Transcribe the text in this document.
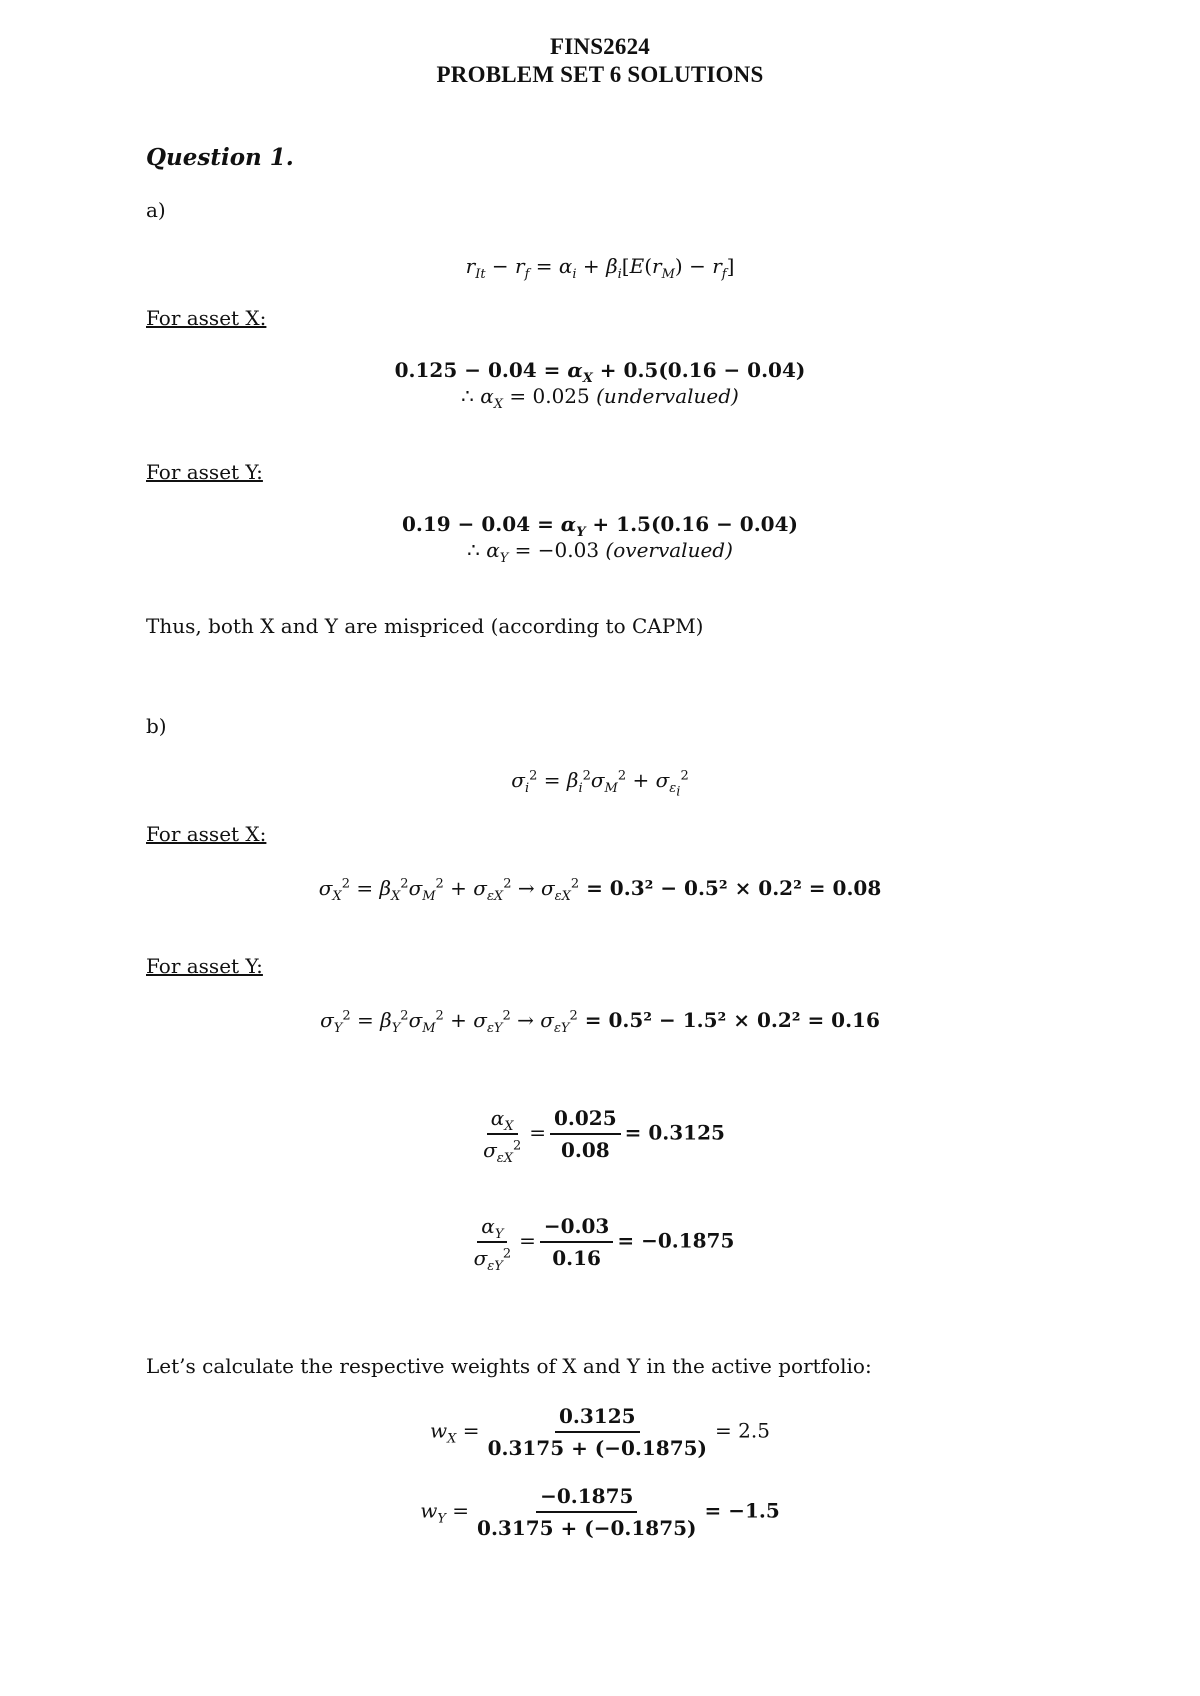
FINS2624
PROBLEM SET 6 SOLUTIONS
Question 1.
a)
$r_{It} - r_f = \alpha_i + \beta_i[E(r_M) - r_f]$
For asset X:
$0.125 - 0.04 = \alpha_X + 0.5(0.16 - 0.04)$
∴ $\alpha_X = 0.025$ (undervalued)
For asset Y:
$0.19 - 0.04 = \alpha_Y + 1.5(0.16 - 0.04)$
∴ $\alpha_Y = -0.03$ (overvalued)
Thus, both X and Y are mispriced (according to CAPM)
b)
$\sigma_i^2 = \beta_i^2\sigma_M^2 + \sigma_{\varepsilon_i}^2$
For asset X:
$\sigma_X^2 = \beta_X^2\sigma_M^2 + \sigma_{\varepsilon X}^2 \to \sigma_{\varepsilon X}^2 = 0.3^2 - 0.5^2 \times 0.2^2 = 0.08$
For asset Y:
$\sigma_Y^2 = \beta_Y^2\sigma_M^2 + \sigma_{\varepsilon Y}^2 \to \sigma_{\varepsilon Y}^2 = 0.5^2 - 1.5^2 \times 0.2^2 = 0.16$
$\frac{\alpha_X}{\sigma_{\varepsilon X}^2} = \frac{0.025}{0.08} = 0.3125$
$\frac{\alpha_Y}{\sigma_{\varepsilon Y}^2} = \frac{-0.03}{0.16} = -0.1875$
Let’s calculate the respective weights of X and Y in the active portfolio:
$w_X = \frac{0.3125}{0.3175 + (-0.1875)} = 2.5$
$w_Y = \frac{-0.1875}{0.3175 + (-0.1875)} = -1.5$
